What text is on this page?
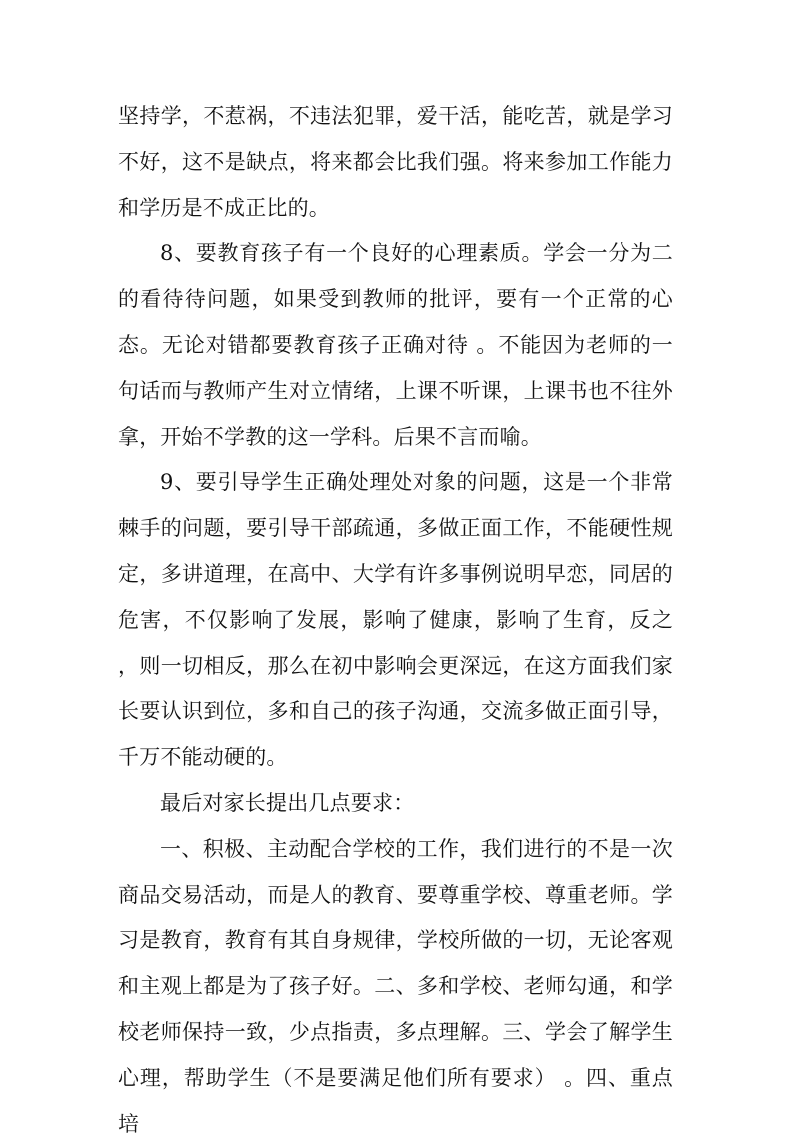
坚持学，不惹祸，不违法犯罪，爱干活，能吃苦，就是学习不好，这不是缺点，将来都会比我们强。将来参加工作能力和学历是不成正比的。

8、要教育孩子有一个良好的心理素质。学会一分为二的看待待问题，如果受到教师的批评，要有一个正常的心态。无论对错都要教育孩子正确对待 。不能因为老师的一句话而与教师产生对立情绪，上课不听课，上课书也不往外拿，开始不学教的这一学科。后果不言而喻。

9、要引导学生正确处理处对象的问题，这是一个非常棘手的问题，要引导干部疏通，多做正面工作，不能硬性规定，多讲道理，在高中、大学有许多事例说明早恋，同居的危害，不仅影响了发展，影响了健康，影响了生育，反之 ，则一切相反，那么在初中影响会更深远，在这方面我们家长要认识到位，多和自己的孩子沟通，交流多做正面引导，千万不能动硬的。

最后对家长提出几点要求：

一、积极、主动配合学校的工作，我们进行的不是一次商品交易活动，而是人的教育、要尊重学校、尊重老师。学习是教育，教育有其自身规律，学校所做的一切，无论客观和主观上都是为了孩子好。二、多和学校、老师勾通，和学校老师保持一致，少点指责，多点理解。三、学会了解学生心理，帮助学生（不是要满足他们所有要求） 。四、重点培
